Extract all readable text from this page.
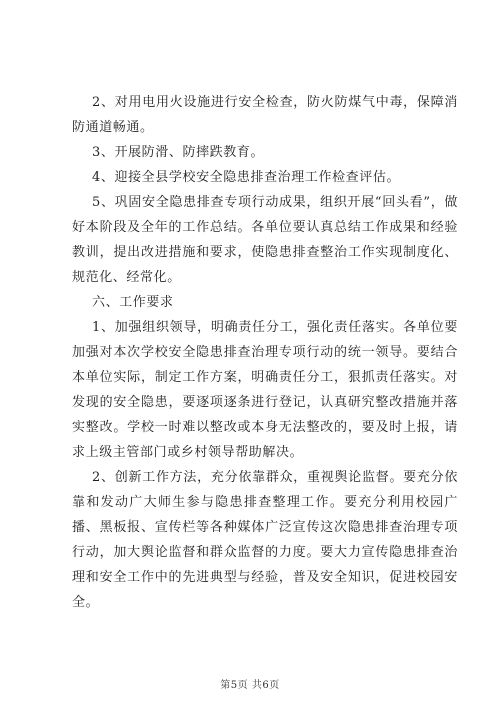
2、对用电用火设施进行安全检查，防火防煤气中毒，保障消防通道畅通。

3、开展防滑、防摔跌教育。

4、迎接全县学校安全隐患排查治理工作检查评估。

5、巩固安全隐患排查专项行动成果，组织开展“回头看”，做好本阶段及全年的工作总结。各单位要认真总结工作成果和经验教训，提出改进措施和要求，使隐患排查整治工作实现制度化、规范化、经常化。

六、工作要求

1、加强组织领导，明确责任分工，强化责任落实。各单位要加强对本次学校安全隐患排查治理专项行动的统一领导。要结合本单位实际，制定工作方案，明确责任分工，狠抓责任落实。对发现的安全隐患，要逐项逐条进行登记，认真研究整改措施并落实整改。学校一时难以整改或本身无法整改的，要及时上报，请求上级主管部门或乡村领导帮助解决。

2、创新工作方法，充分依靠群众，重视舆论监督。要充分依靠和发动广大师生参与隐患排查整理工作。要充分利用校园广播、黑板报、宣传栏等各种媒体广泛宣传这次隐患排查治理专项行动，加大舆论监督和群众监督的力度。要大力宣传隐患排查治理和安全工作中的先进典型与经验，普及安全知识，促进校园安全。

第5页 共6页
